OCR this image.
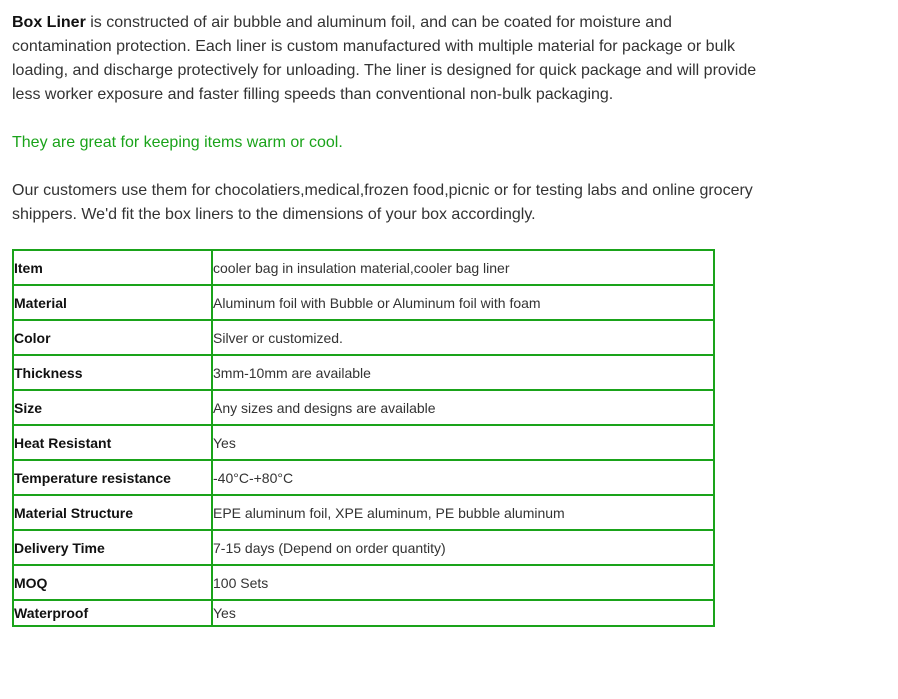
Box Liner is constructed of air bubble and aluminum foil, and can be coated for moisture and contamination protection. Each liner is custom manufactured with multiple material for package or bulk loading, and discharge protectively for unloading. The liner is designed for quick package and will provide less worker exposure and faster filling speeds than conventional non-bulk packaging.

They are great for keeping items warm or cool.

Our customers use them for chocolatiers,medical,frozen food,picnic or for testing labs and online grocery shippers. We'd fit the box liners to the dimensions of your box accordingly.

Item	cooler bag in insulation material,cooler bag liner
Material	Aluminum foil with Bubble or Aluminum foil with foam
Color	Silver or customized.
Thickness	3mm-10mm are available
Size	Any sizes and designs are available
Heat Resistant	Yes
Temperature resistance	-40°C-+80°C
Material Structure	EPE aluminum foil, XPE aluminum, PE bubble aluminum
Delivery Time	7-15 days (Depend on order quantity)
MOQ	100 Sets
Waterproof	Yes
